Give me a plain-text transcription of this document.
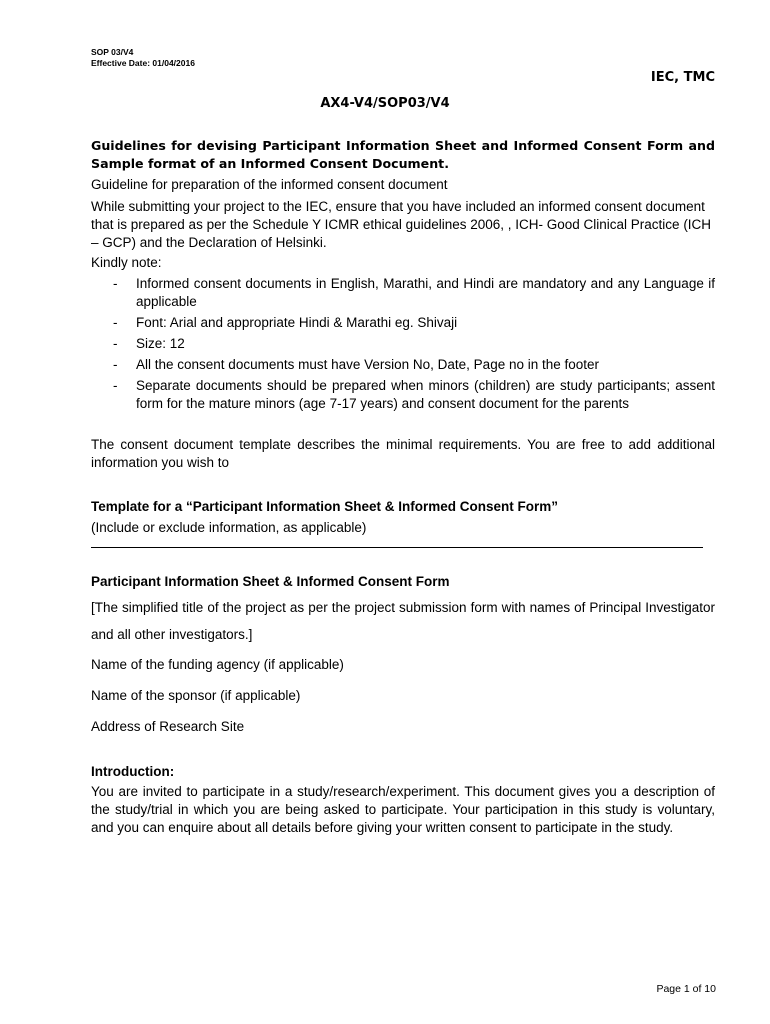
SOP 03/V4
Effective Date: 01/04/2016
IEC, TMC
AX4-V4/SOP03/V4

Guidelines for devising Participant Information Sheet and Informed Consent Form and Sample format of an Informed Consent Document.

Guideline for preparation of the informed consent document

While submitting your project to the IEC, ensure that you have included an informed consent document that is prepared as per the Schedule Y ICMR ethical guidelines 2006, , ICH- Good Clinical Practice (ICH – GCP) and the Declaration of Helsinki.

Kindly note:

- Informed consent documents in English, Marathi, and Hindi are mandatory and any Language if applicable
- Font: Arial and appropriate Hindi & Marathi eg. Shivaji
- Size: 12
- All the consent documents must have Version No, Date, Page no in the footer
- Separate documents should be prepared when minors (children) are study participants; assent form for the mature minors (age 7-17 years) and consent document for the parents

The consent document template describes the minimal requirements. You are free to add additional information you wish to

Template for a “Participant Information Sheet & Informed Consent Form”

(Include or exclude information, as applicable)

Participant Information Sheet & Informed Consent Form

[The simplified title of the project as per the project submission form with names of Principal Investigator and all other investigators.]

Name of the funding agency (if applicable)

Name of the sponsor (if applicable)

Address of Research Site

Introduction:

You are invited to participate in a study/research/experiment. This document gives you a description of the study/trial in which you are being asked to participate. Your participation in this study is voluntary, and you can enquire about all details before giving your written consent to participate in the study.

Page 1 of 10
